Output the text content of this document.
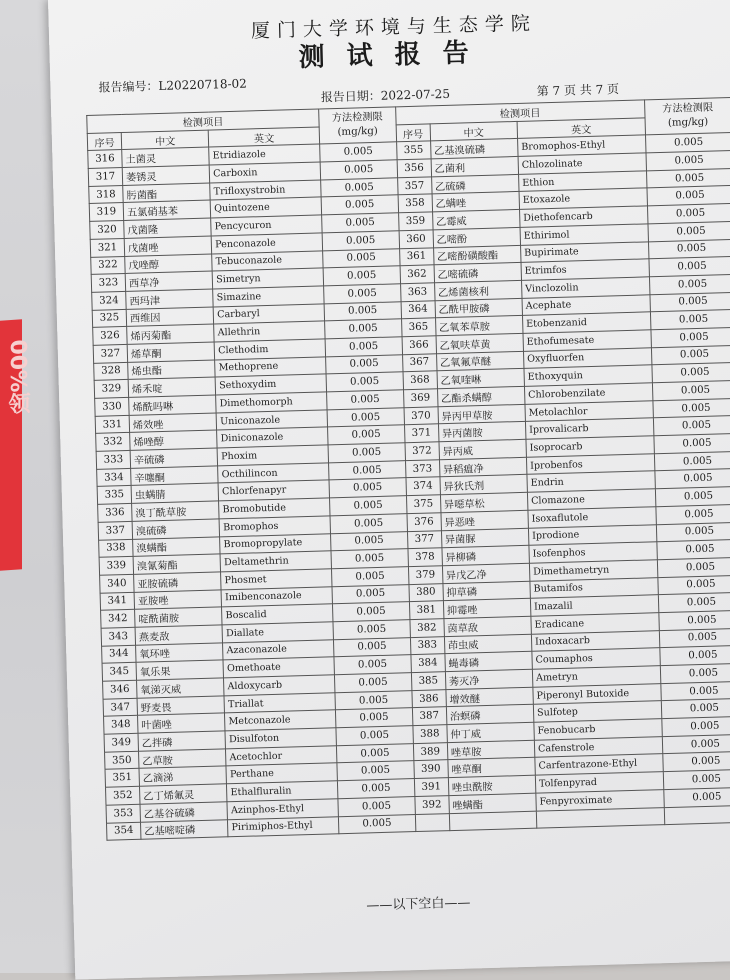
00%领
厦门大学环境与生态学院
测试报告
报告编号：L20220718-02
报告日期：2022-07-25	第 7 页 共 7 页
检测项目			方法检测限 (mg/kg)	检测项目			方法检测限 (mg/kg)
序号	中文	英文		序号	中文	英文	
316	土菌灵	Etridiazole	0.005	355	乙基溴硫磷	Bromophos-Ethyl	0.005
317	萎锈灵	Carboxin	0.005	356	乙菌利	Chlozolinate	0.005
318	肟菌酯	Trifloxystrobin	0.005	357	乙硫磷	Ethion	0.005
319	五氯硝基苯	Quintozene	0.005	358	乙螨唑	Etoxazole	0.005
320	戊菌隆	Pencycuron	0.005	359	乙霉威	Diethofencarb	0.005
321	戊菌唑	Penconazole	0.005	360	乙嘧酚	Ethirimol	0.005
322	戊唑醇	Tebuconazole	0.005	361	乙嘧酚磺酸酯	Bupirimate	0.005
323	西草净	Simetryn	0.005	362	乙嘧硫磷	Etrimfos	0.005
324	西玛津	Simazine	0.005	363	乙烯菌核利	Vinclozolin	0.005
325	西维因	Carbaryl	0.005	364	乙酰甲胺磷	Acephate	0.005
326	烯丙菊酯	Allethrin	0.005	365	乙氧苯草胺	Etobenzanid	0.005
327	烯草酮	Clethodim	0.005	366	乙氧呋草黄	Ethofumesate	0.005
328	烯虫酯	Methoprene	0.005	367	乙氧氟草醚	Oxyfluorfen	0.005
329	烯禾啶	Sethoxydim	0.005	368	乙氧喹啉	Ethoxyquin	0.005
330	烯酰吗啉	Dimethomorph	0.005	369	乙酯杀螨醇	Chlorobenzilate	0.005
331	烯效唑	Uniconazole	0.005	370	异丙甲草胺	Metolachlor	0.005
332	烯唑醇	Diniconazole	0.005	371	异丙菌胺	Iprovalicarb	0.005
333	辛硫磷	Phoxim	0.005	372	异丙威	Isoprocarb	0.005
334	辛噻酮	Octhilincon	0.005	373	异稻瘟净	Iprobenfos	0.005
335	虫螨腈	Chlorfenapyr	0.005	374	异狄氏剂	Endrin	0.005
336	溴丁酰草胺	Bromobutide	0.005	375	异噁草松	Clomazone	0.005
337	溴硫磷	Bromophos	0.005	376	异恶唑	Isoxaflutole	0.005
338	溴螨酯	Bromopropylate	0.005	377	异菌脲	Iprodione	0.005
339	溴氰菊酯	Deltamethrin	0.005	378	异柳磷	Isofenphos	0.005
340	亚胺硫磷	Phosmet	0.005	379	异戊乙净	Dimethametryn	0.005
341	亚胺唑	Imibenconazole	0.005	380	抑草磷	Butamifos	0.005
342	啶酰菌胺	Boscalid	0.005	381	抑霉唑	Imazalil	0.005
343	燕麦敌	Diallate	0.005	382	茵草敌	Eradicane	0.005
344	氧环唑	Azaconazole	0.005	383	茚虫威	Indoxacarb	0.005
345	氧乐果	Omethoate	0.005	384	蝇毒磷	Coumaphos	0.005
346	氧涕灭威	Aldoxycarb	0.005	385	莠灭净	Ametryn	0.005
347	野麦畏	Triallat	0.005	386	增效醚	Piperonyl Butoxide	0.005
348	叶菌唑	Metconazole	0.005	387	治螟磷	Sulfotep	0.005
349	乙拌磷	Disulfoton	0.005	388	仲丁威	Fenobucarb	0.005
350	乙草胺	Acetochlor	0.005	389	唑草胺	Cafenstrole	0.005
351	乙滴涕	Perthane	0.005	390	唑草酮	Carfentrazone-Ethyl	0.005
352	乙丁烯氟灵	Ethalfluralin	0.005	391	唑虫酰胺	Tolfenpyrad	0.005
353	乙基谷硫磷	Azinphos-Ethyl	0.005	392	唑螨酯	Fenpyroximate	0.005
354	乙基嘧啶磷	Pirimiphos-Ethyl	0.005				
——以下空白——
